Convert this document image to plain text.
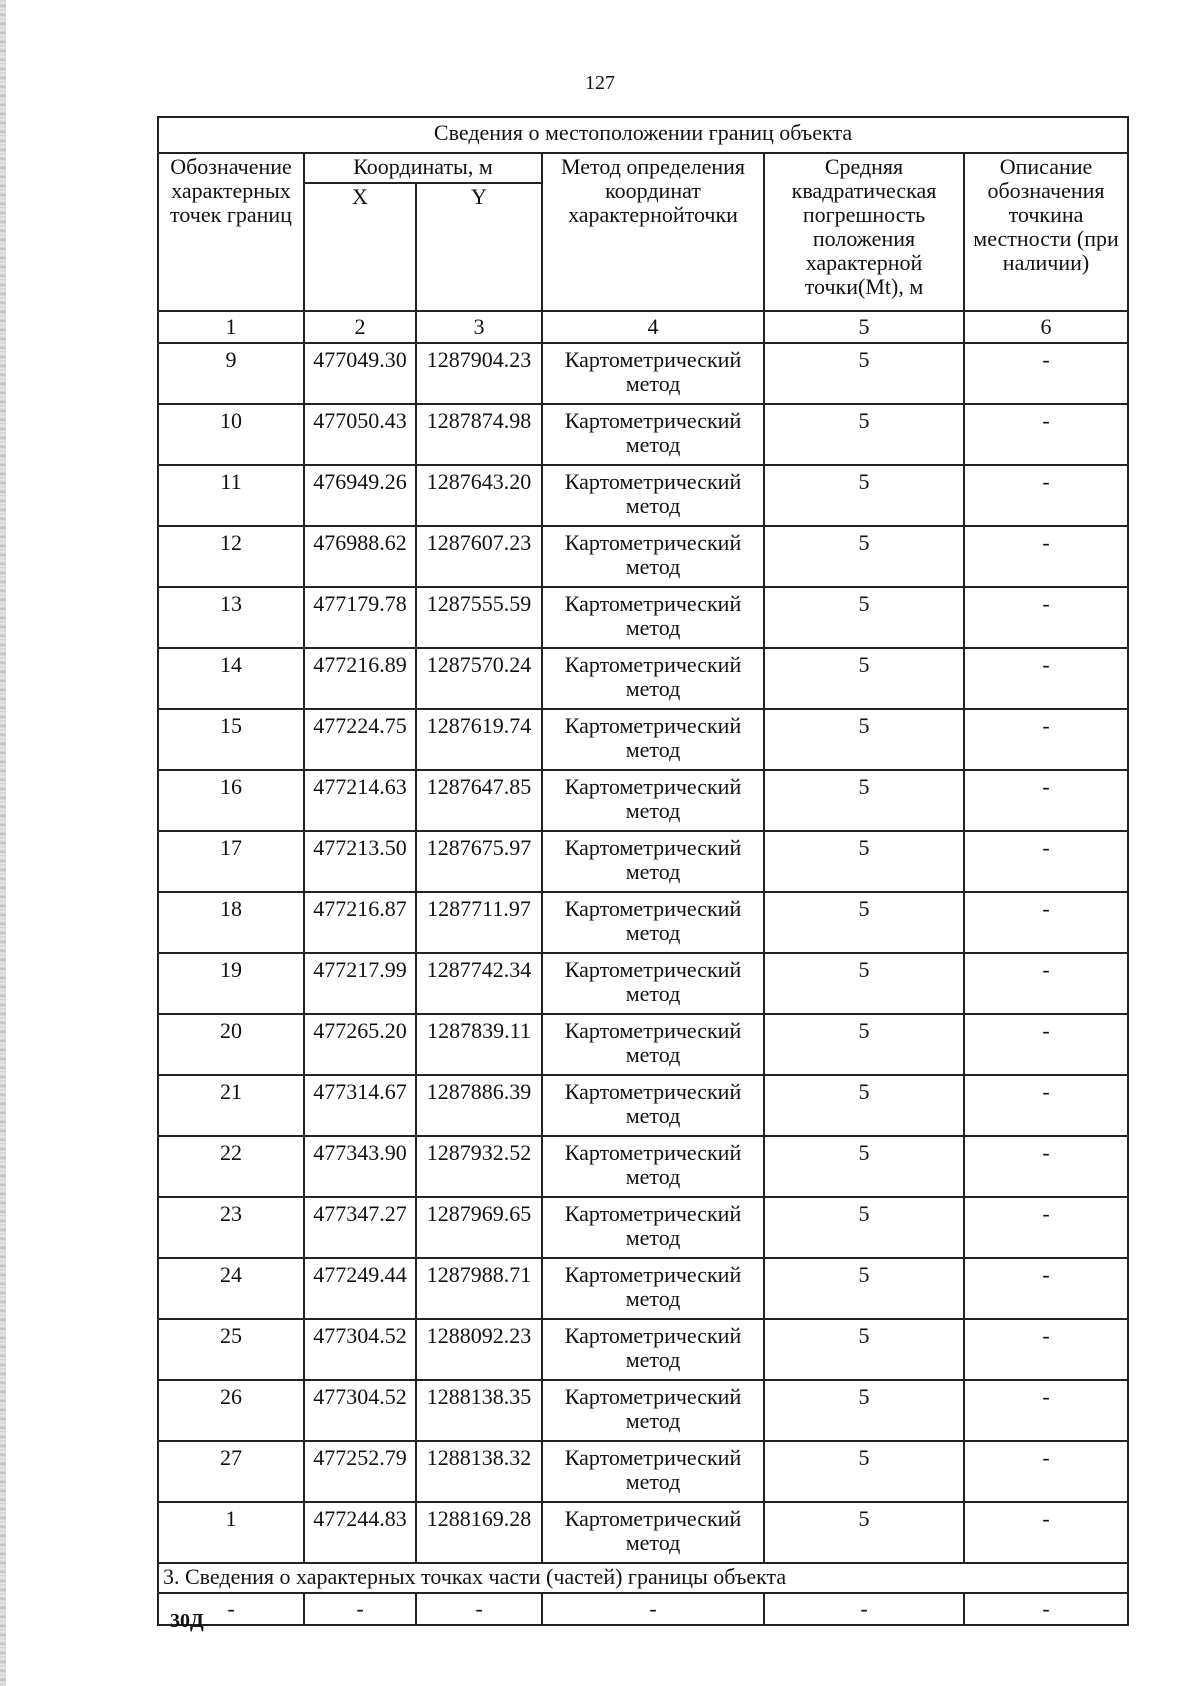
127
Сведения о местоположении границ объекта					
Обозначение характерных точек границ	Координаты, м		Метод определения координат характернойточки	Средняя квадратическая погрешность положения характерной точки(Mt), м	Описание обозначения точкина местности (при наличии)
	X	Y			
1	2	3	4	5	6
9	477049.30	1287904.23	Картометрический метод	5	-
10	477050.43	1287874.98	Картометрический метод	5	-
11	476949.26	1287643.20	Картометрический метод	5	-
12	476988.62	1287607.23	Картометрический метод	5	-
13	477179.78	1287555.59	Картометрический метод	5	-
14	477216.89	1287570.24	Картометрический метод	5	-
15	477224.75	1287619.74	Картометрический метод	5	-
16	477214.63	1287647.85	Картометрический метод	5	-
17	477213.50	1287675.97	Картометрический метод	5	-
18	477216.87	1287711.97	Картометрический метод	5	-
19	477217.99	1287742.34	Картометрический метод	5	-
20	477265.20	1287839.11	Картометрический метод	5	-
21	477314.67	1287886.39	Картометрический метод	5	-
22	477343.90	1287932.52	Картометрический метод	5	-
23	477347.27	1287969.65	Картометрический метод	5	-
24	477249.44	1287988.71	Картометрический метод	5	-
25	477304.52	1288092.23	Картометрический метод	5	-
26	477304.52	1288138.35	Картометрический метод	5	-
27	477252.79	1288138.32	Картометрический метод	5	-
1	477244.83	1288169.28	Картометрический метод	5	-
3. Сведения о характерных точках части (частей) границы объекта					
-	-	-	-	-	-
30Д
